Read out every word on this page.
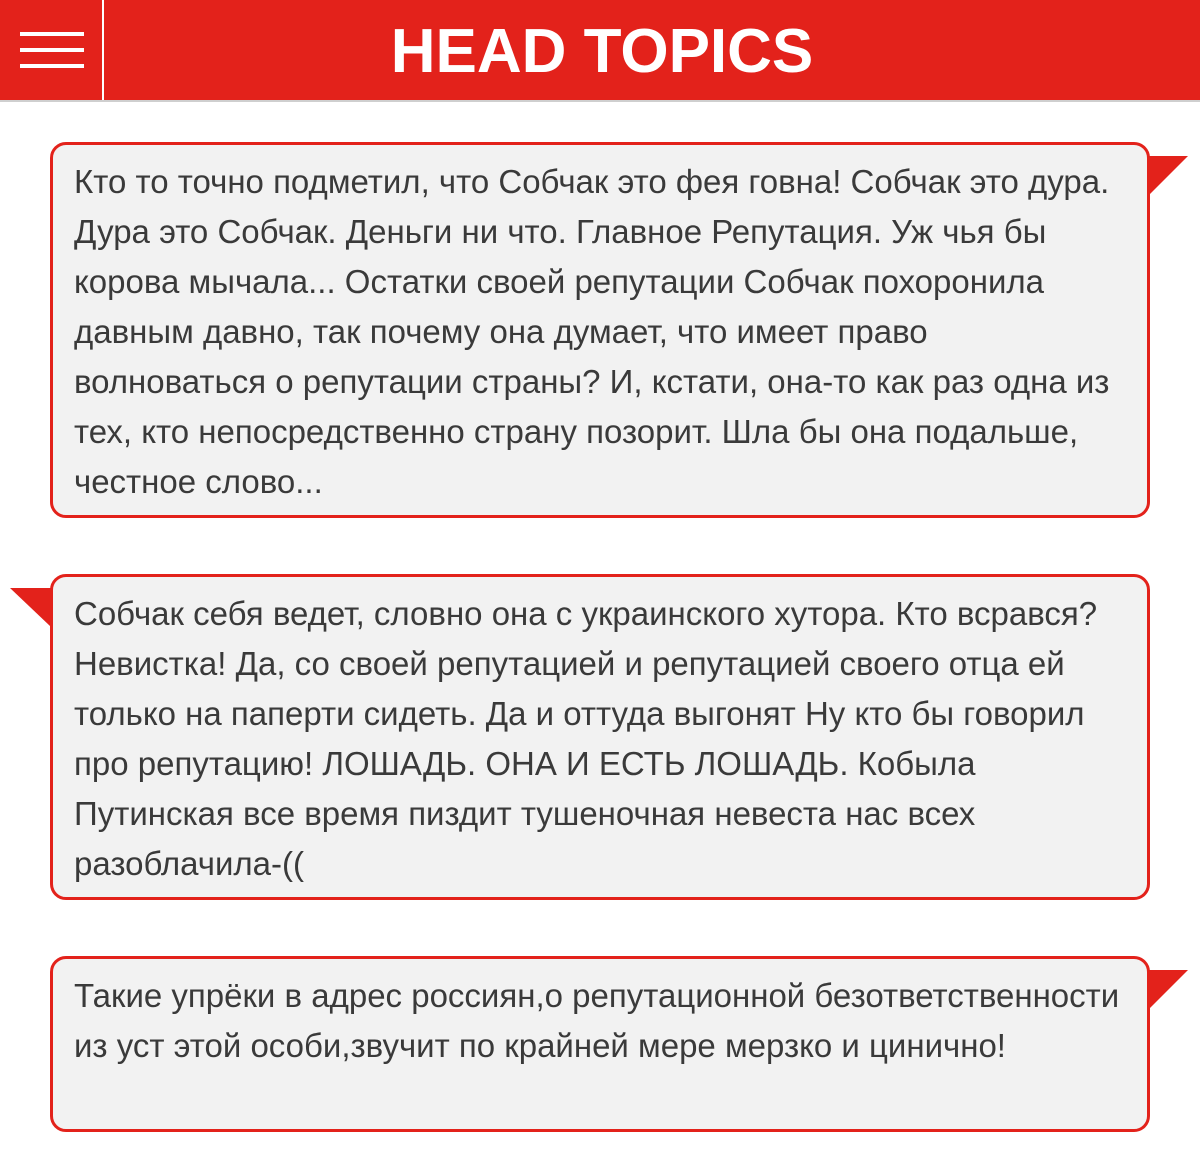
HEAD TOPICS
Кто то точно подметил, что Собчак это фея говна! Собчак это дура. Дура это Собчак. Деньги ни что. Главное Репутация. Уж чья бы корова мычала... Остатки своей репутации Собчак похоронила давным давно, так почему она думает, что имеет право волноваться о репутации страны? И, кстати, она-то как раз одна из тех, кто непосредственно страну позорит. Шла бы она подальше, честное слово...
Собчак себя ведет, словно она с украинского хутора. Кто всрався? Невистка! Да, со своей репутацией и репутацией своего отца ей только на паперти сидеть. Да и оттуда выгонят Ну кто бы говорил про репутацию! ЛОШАДЬ. ОНА И ЕСТЬ ЛОШАДЬ. Кобыла Путинская все время пиздит тушеночная невеста нас всех разоблачила-((
Такие упрёки в адрес россиян,о репутационной безответственности из уст этой особи,звучит по крайней мере мерзко и цинично!
